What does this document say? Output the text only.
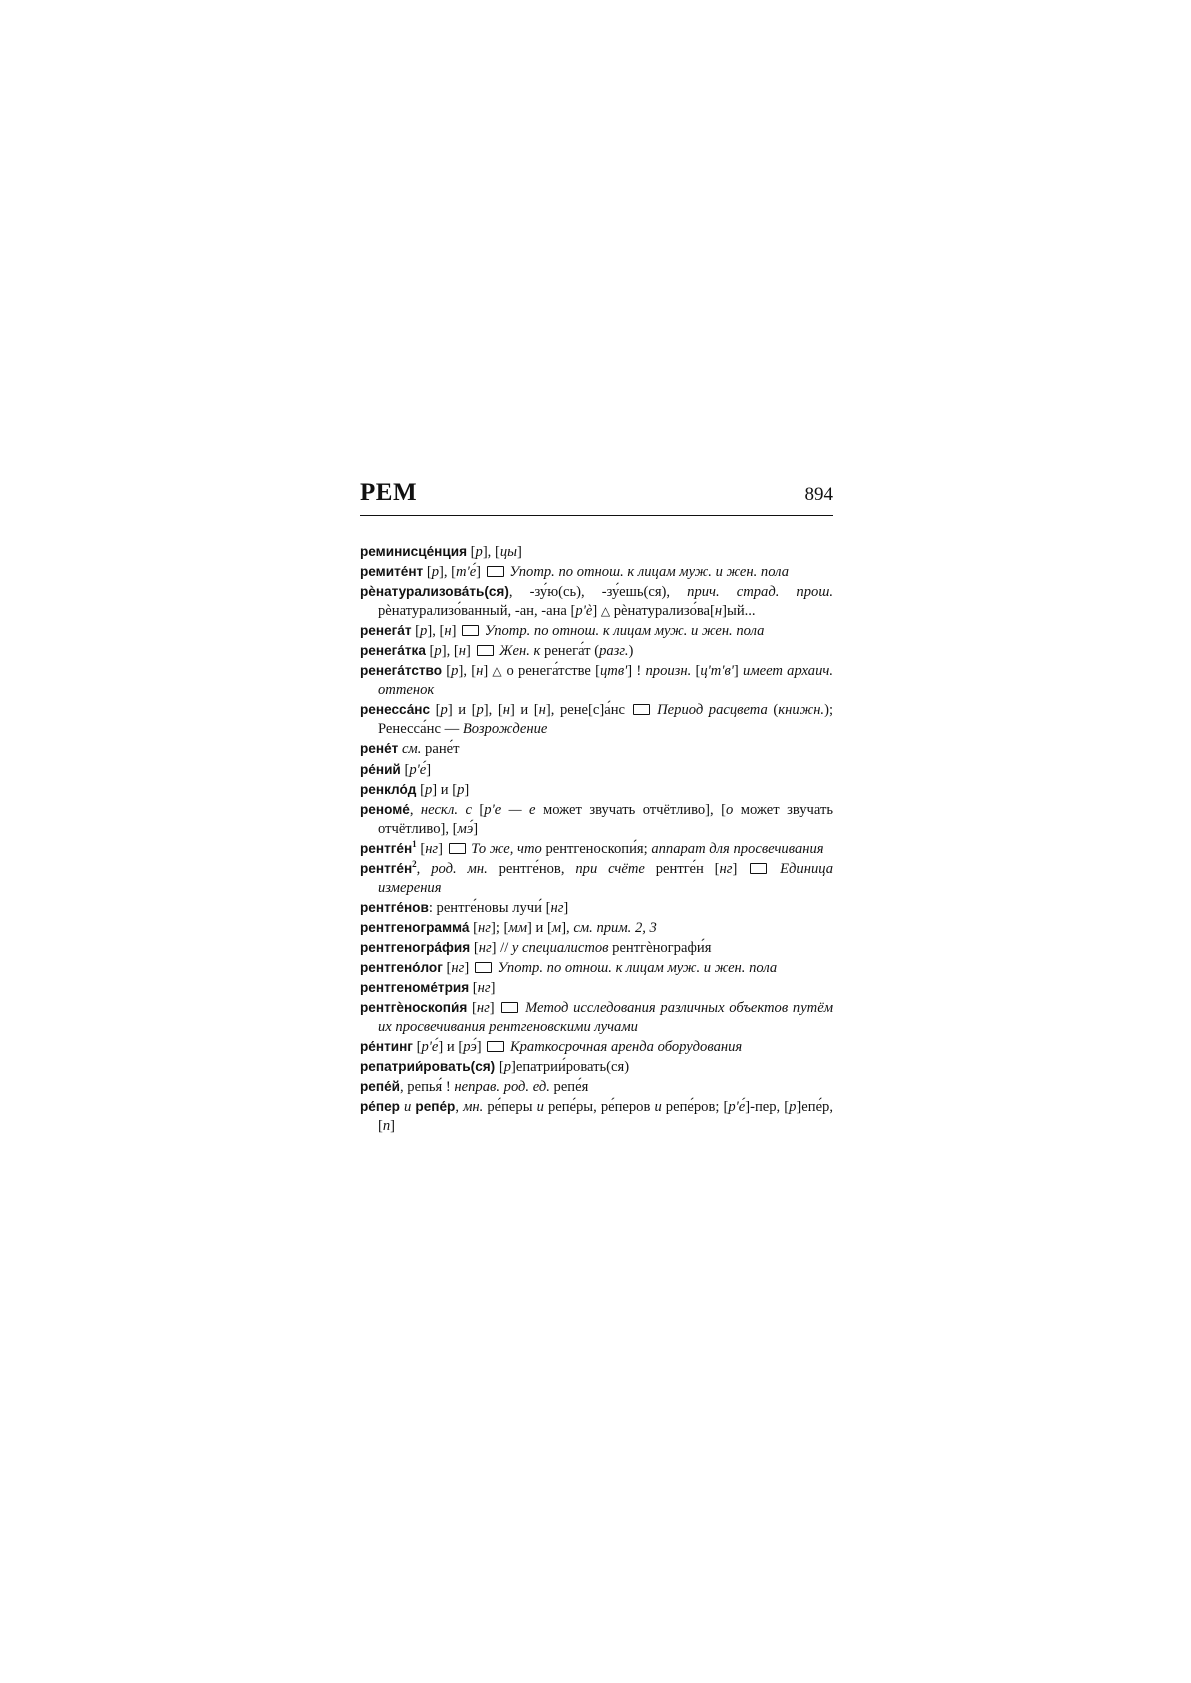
РЕМ	894

реминисце́нция [р], [цы]

ремите́нт [р], [т'е́]  Употр. по отнош. к лицам муж. и жен. пола

рѐнатурализова́ть(ся), -зу́ю(сь), -зу́ешь(ся), прич. страд. прош. рѐнатурализо́ванный, -ан, -ана [р'ѐ] △ рѐнатурализо́ва[н]ый...

ренега́т [р], [н]  Употр. по отнош. к лицам муж. и жен. пола

ренега́тка [р], [н]  Жен. к ренега́т (разг.)

ренега́тство [р], [н] △ о ренега́тстве [цтв'] ! произн. [ц'т'в'] имеет архаич. оттенок

ренесса́нс [р] и [р], [н] и [н], рене[с]а́нс  Период расцвета (книжн.); Ренесса́нс — Возрождение

рене́т см. ране́т

ре́ний [р'е́]

ренкло́д [р] и [р]

реноме́, нескл. с [р'е — е может звучать отчётливо], [о может звучать отчётливо], [мэ́]

$рентге́н^1$ [нг]  То же, что рентгеноскопи́я; аппарат для просвечивания

$рентге́н^2$, род. мн. рентге́нов, при счёте рентге́н [нг]  Единица измерения

рентге́нов: рентге́новы лучи́ [нг]

рентгенограмма́ [нг]; [мм] и [м], см. прим. 2, 3

рентгеногра́фия [нг] // у специалистов рентгѐнографи́я

рентгено́лог [нг]  Употр. по отнош. к лицам муж. и жен. пола

рентгеноме́трия [нг]

рентгѐноскопи́я [нг]  Метод исследования различных объектов путём их просвечивания рентгеновскими лучами

ре́нтинг [р'е́] и [рэ́]  Краткосрочная аренда оборудования

репатрии́ровать(ся) [р]епатрии́ровать(ся)

репе́й, репья́ ! неправ. род. ед. репе́я

ре́пер и репе́р, мн. ре́перы и репе́ры, ре́перов и репе́ров; [р'е́]-пер, [р]епе́р, [п]
